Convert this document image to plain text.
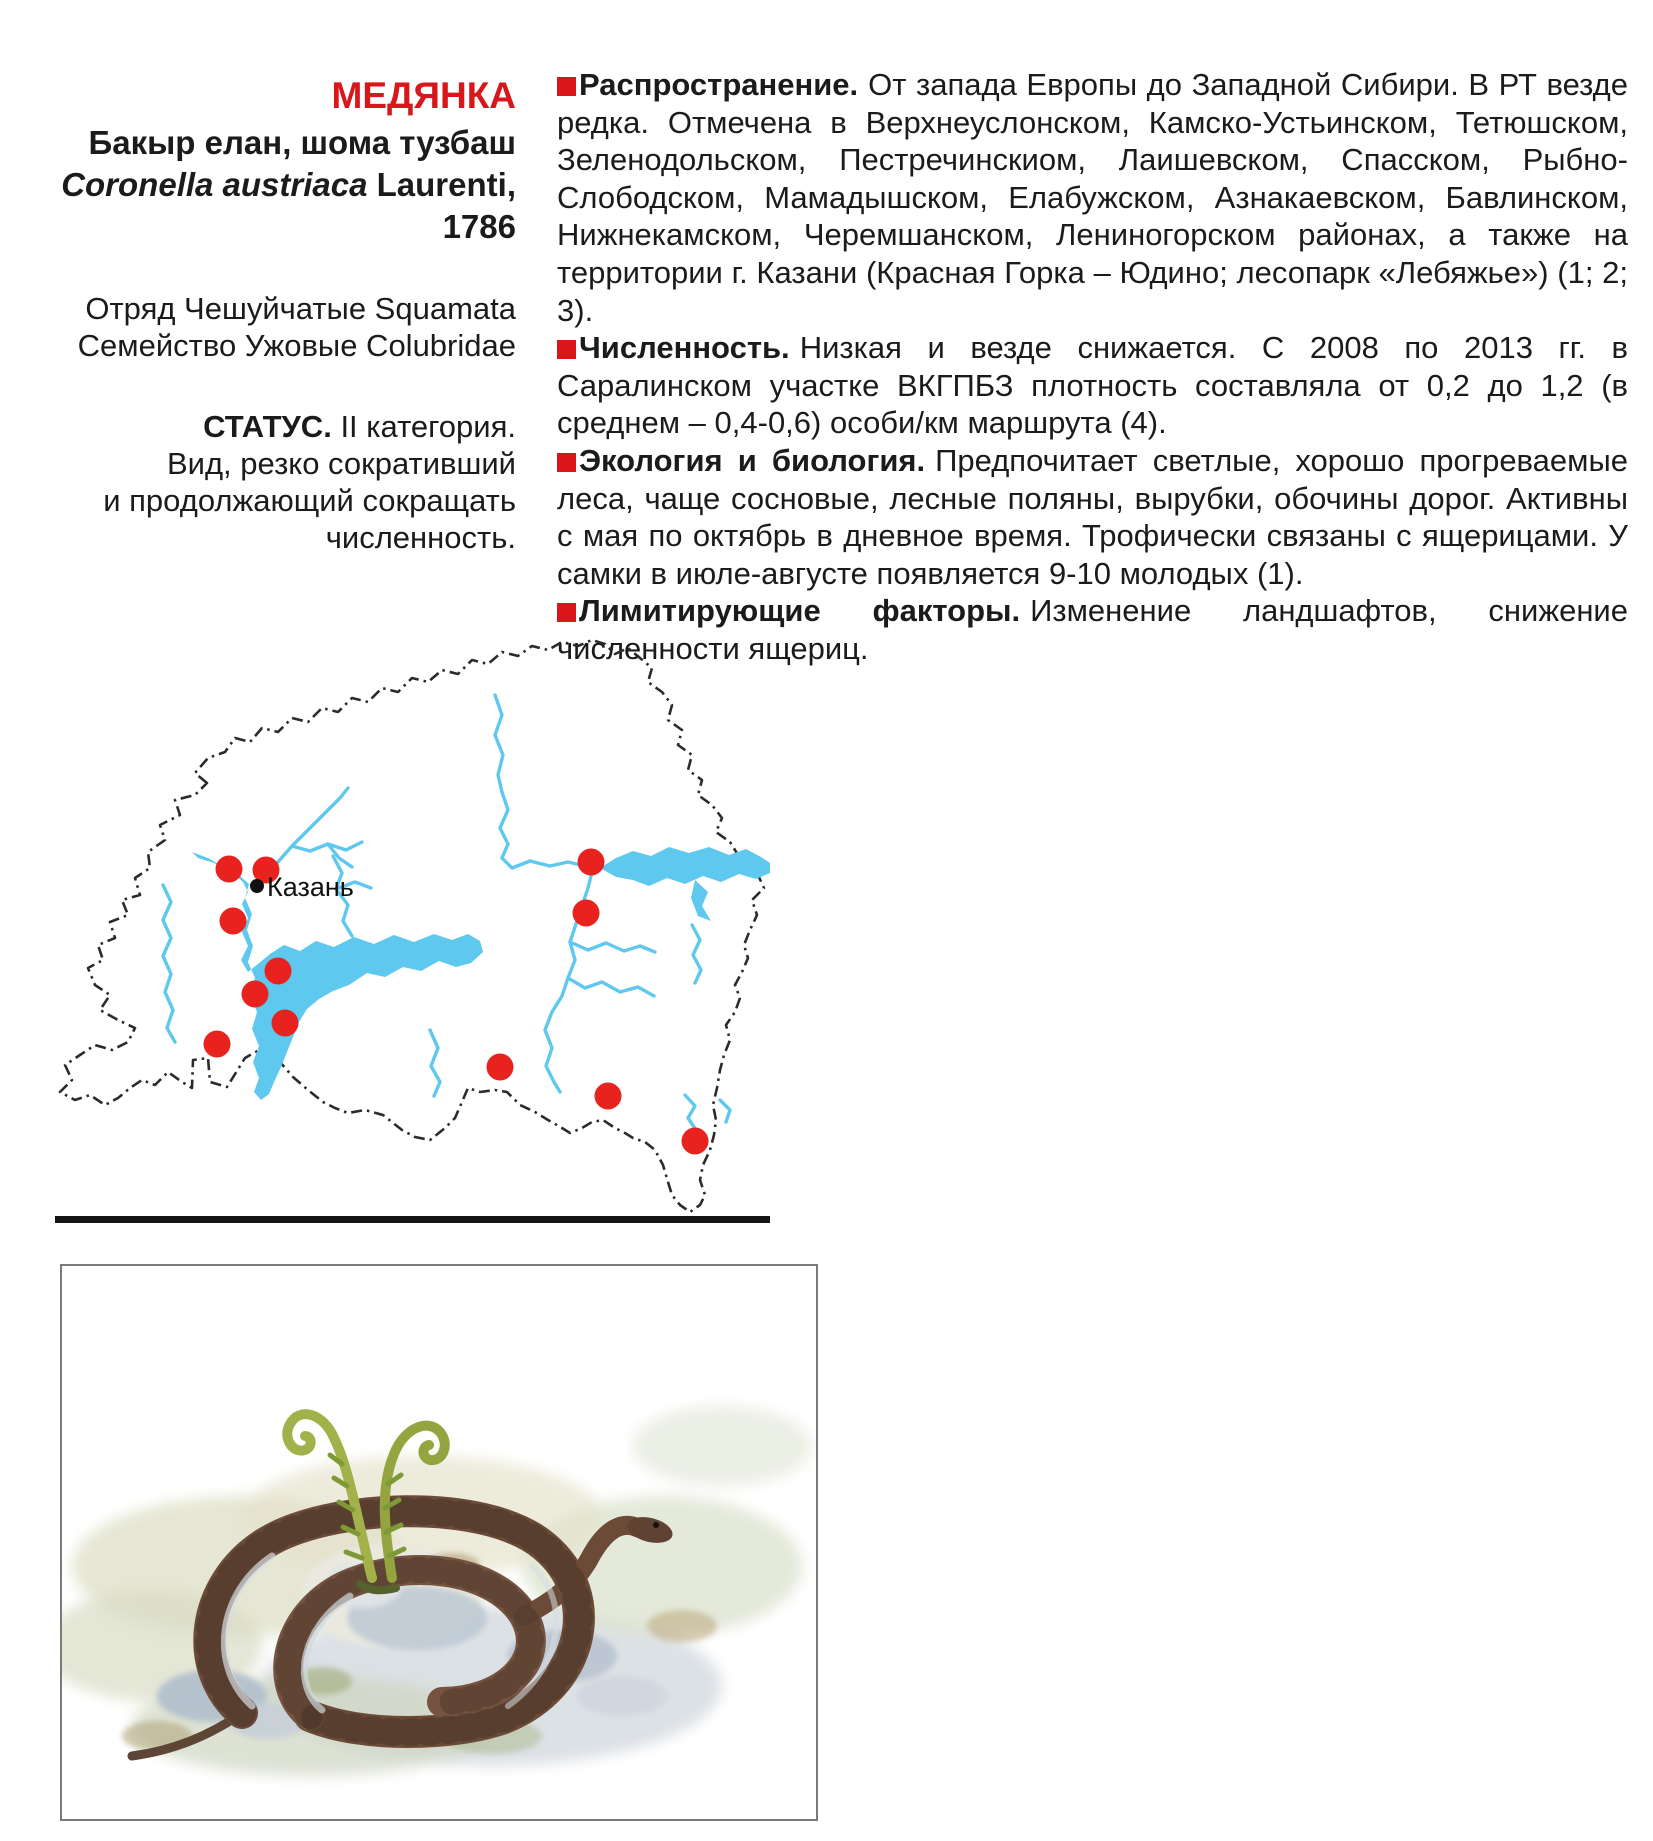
МЕДЯНКА
Бакыр елан, шома тузбаш
Coronella austriaca Laurenti,
1786
Отряд Чешуйчатые Squamata
Семейство Ужовые Colubridae
СТАТУС. II категория.
Вид, резко сокративший
и продолжающий сокращать
численность.
Распространение. От запада Европы до Западной Сибири. В РТ везде редка. Отмечена в Верхнеуслонском, Камско-Устьинском, Тетюшском, Зеленодольском, Пестречинскиом, Лаишевском, Спасском, Рыбно-Слободском, Мамадышском, Елабужском, Азнакаевском, Бавлинском, Нижнекамском, Черемшанском, Лениногорском районах, а также на территории г. Казани (Красная Горка – Юдино; лесопарк «Лебяжье») (1; 2; 3).
Численность. Низкая и везде снижается. С 2008 по 2013 гг. в Саралинском участке ВКГПБЗ плотность составляла от 0,2 до 1,2 (в среднем – 0,4-0,6) особи/км маршрута (4).
Экология и биология. Предпочитает светлые, хорошо прогреваемые леса, чаще сосновые, лесные поляны, вырубки, обочины дорог. Активны с мая по октябрь в дневное время. Трофически связаны с ящерицами. У самки в июле-августе появляется 9-10 молодых (1).
Лимитирующие факторы. Изменение ландшафтов, снижение численности ящериц.
Казань
